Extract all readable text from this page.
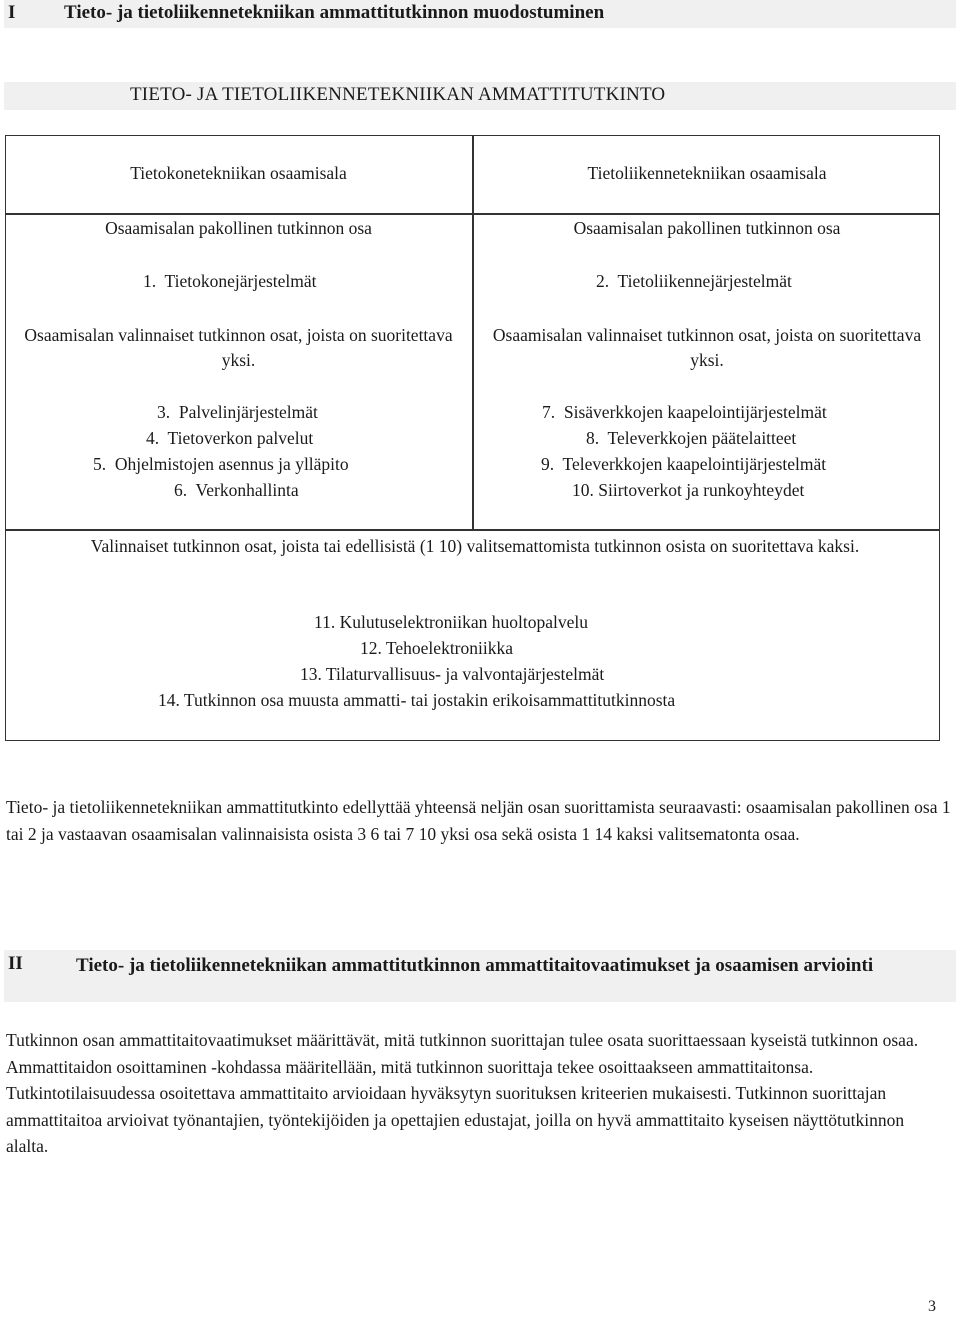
I	Tieto- ja tietoliikennetekniikan ammattitutkinnon muodostuminen
TIETO- JA TIETOLIIKENNETEKNIIKAN AMMATTITUTKINTO
Tietokonetekniikan osaamisala
Osaamisalan pakollinen tutkinnon osa
1.  Tietokonejärjestelmät
Osaamisalan valinnaiset tutkinnon osat, joista on suoritettava yksi.
3.  Palvelinjärjestelmät
4.  Tietoverkon palvelut
5.  Ohjelmistojen asennus ja ylläpito
6.  Verkonhallinta
Tietoliikennetekniikan osaamisala
Osaamisalan pakollinen tutkinnon osa
2.  Tietoliikennejärjestelmät
Osaamisalan valinnaiset tutkinnon osat, joista on suoritettava yksi.
7.  Sisäverkkojen kaapelointijärjestelmät
8.  Televerkkojen päätelaitteet
9.  Televerkkojen kaapelointijärjestelmät
10. Siirtoverkot ja runkoyhteydet
Valinnaiset tutkinnon osat, joista tai edellisistä (1 10) valitsemattomista tutkinnon osista on suoritettava kaksi.
11. Kulutuselektroniikan huoltopalvelu
12. Tehoelektroniikka
13. Tilaturvallisuus- ja valvontajärjestelmät
14. Tutkinnon osa muusta ammatti- tai jostakin erikoisammattitutkinnosta
Tieto- ja tietoliikennetekniikan ammattitutkinto edellyttää yhteensä neljän osan suorittamista seuraavasti: osaamisalan pakollinen osa 1 tai 2 ja vastaavan osaamisalan valinnaisista osista 3 6 tai 7 10 yksi osa sekä osista 1 14 kaksi valitsematonta osaa.
II	Tieto- ja tietoliikennetekniikan ammattitutkinnon ammattitaitovaatimukset ja osaamisen arviointi
Tutkinnon osan ammattitaitovaatimukset määrittävät, mitä tutkinnon suorittajan tulee osata suorittaessaan kyseistä tutkinnon osaa. Ammattitaidon osoittaminen -kohdassa määritellään, mitä tutkinnon suorittaja tekee osoittaakseen ammattitaitonsa. Tutkintotilaisuudessa osoitettava ammattitaito arvioidaan hyväksytyn suorituksen kriteerien mukaisesti. Tutkinnon suorittajan ammattitaitoa arvioivat työnantajien, työntekijöiden ja opettajien edustajat, joilla on hyvä ammattitaito kyseisen näyttötutkinnon alalta.
3
